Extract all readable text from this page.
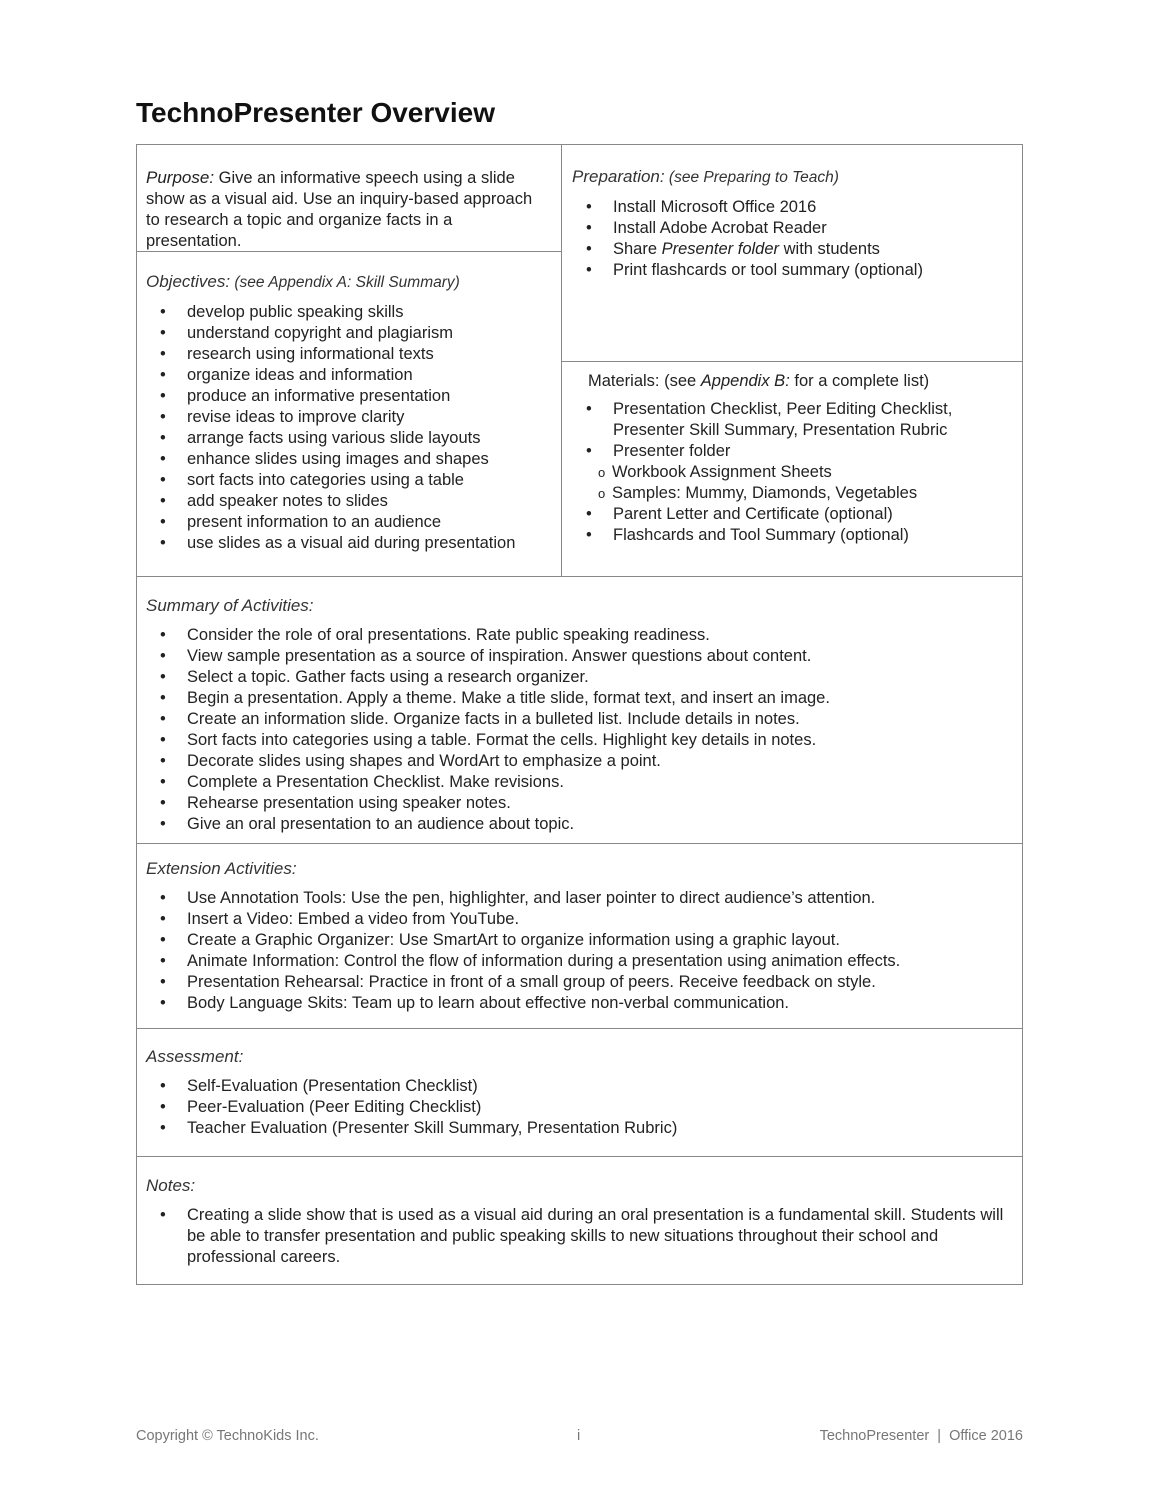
TechnoPresenter Overview
Purpose: Give an informative speech using a slide show as a visual aid. Use an inquiry-based approach to research a topic and organize facts in a presentation.
Objectives: (see Appendix A: Skill Summary)
• develop public speaking skills
• understand copyright and plagiarism
• research using informational texts
• organize ideas and information
• produce an informative presentation
• revise ideas to improve clarity
• arrange facts using various slide layouts
• enhance slides using images and shapes
• sort facts into categories using a table
• add speaker notes to slides
• present information to an audience
• use slides as a visual aid during presentation
Preparation: (see Preparing to Teach)
• Install Microsoft Office 2016
• Install Adobe Acrobat Reader
• Share Presenter folder with students
• Print flashcards or tool summary (optional)
Materials: (see Appendix B: for a complete list)
• Presentation Checklist, Peer Editing Checklist, Presenter Skill Summary, Presentation Rubric
• Presenter folder
o Workbook Assignment Sheets
o Samples: Mummy, Diamonds, Vegetables
• Parent Letter and Certificate (optional)
• Flashcards and Tool Summary (optional)
Summary of Activities:
• Consider the role of oral presentations. Rate public speaking readiness.
• View sample presentation as a source of inspiration. Answer questions about content.
• Select a topic. Gather facts using a research organizer.
• Begin a presentation. Apply a theme. Make a title slide, format text, and insert an image.
• Create an information slide. Organize facts in a bulleted list. Include details in notes.
• Sort facts into categories using a table. Format the cells. Highlight key details in notes.
• Decorate slides using shapes and WordArt to emphasize a point.
• Complete a Presentation Checklist. Make revisions.
• Rehearse presentation using speaker notes.
• Give an oral presentation to an audience about topic.
Extension Activities:
• Use Annotation Tools: Use the pen, highlighter, and laser pointer to direct audience’s attention.
• Insert a Video: Embed a video from YouTube.
• Create a Graphic Organizer: Use SmartArt to organize information using a graphic layout.
• Animate Information: Control the flow of information during a presentation using animation effects.
• Presentation Rehearsal: Practice in front of a small group of peers. Receive feedback on style.
• Body Language Skits: Team up to learn about effective non-verbal communication.
Assessment:
• Self-Evaluation (Presentation Checklist)
• Peer-Evaluation (Peer Editing Checklist)
• Teacher Evaluation (Presenter Skill Summary, Presentation Rubric)
Notes:
• Creating a slide show that is used as a visual aid during an oral presentation is a fundamental skill. Students will be able to transfer presentation and public speaking skills to new situations throughout their school and professional careers.
Copyright © TechnoKids Inc.	i	TechnoPresenter  |  Office 2016
